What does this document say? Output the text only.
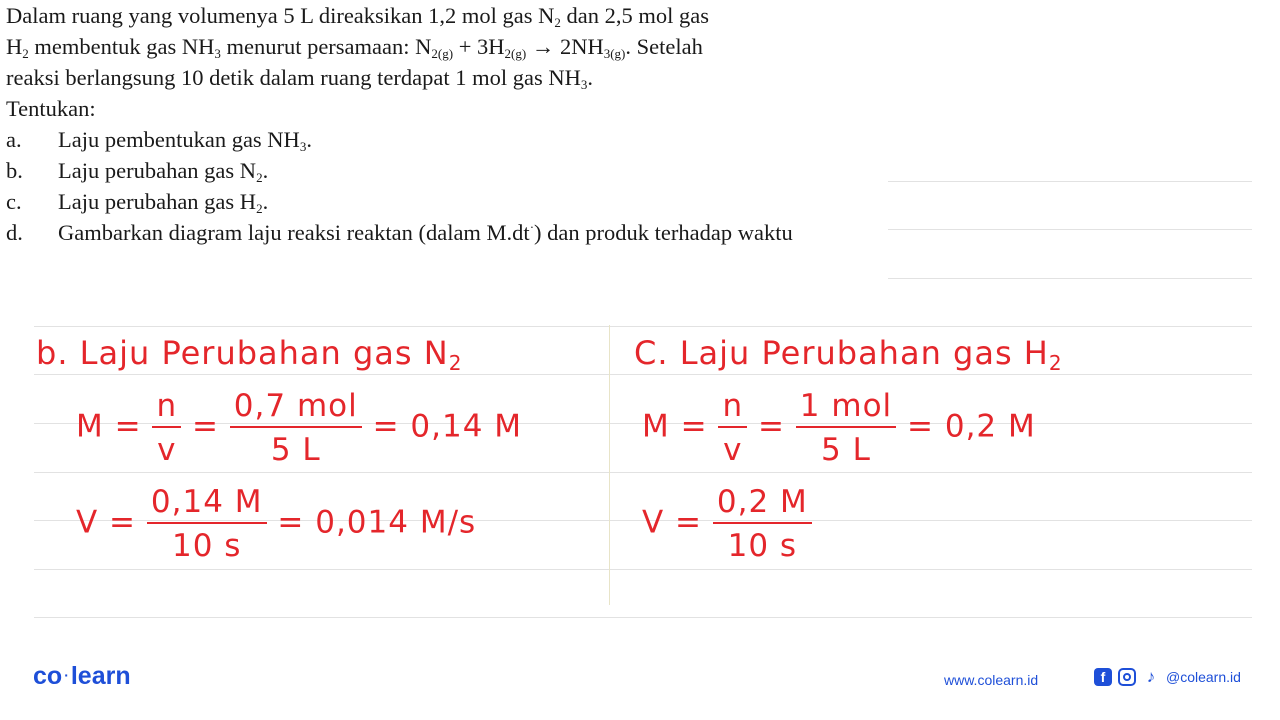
Dalam ruang yang volumenya 5 L direaksikan 1,2 mol gas $N_2$ dan 2,5 mol gas
$H_2$ membentuk gas $NH_3$ menurut persamaan: $N_{2(g)} + 3H_{2(g)} \to 2NH_{3(g)}$. Setelah
reaksi berlangsung 10 detik dalam ruang terdapat 1 mol gas $NH_3$.
Tentukan:
a.	Laju pembentukan gas $NH_3$.
b.	Laju perubahan gas $N_2$.
c.	Laju perubahan gas $H_2$.
d.	Gambarkan diagram laju reaksi reaktan (dalam M.dt·) dan produk terhadap waktu
b. Laju Perubahan gas $N_2$
$M = \frac{n}{v} = \frac{\text{0,7 mol}}{5 L} = 0,14$ M
$V = \frac{0,14 M}{10 s} = 0,014$ M/s
C. Laju Perubahan gas $H_2$
$M = \frac{n}{v} = \frac{\text{1 mol}}{5 L} = 0,2$ M
$V = \frac{0,2 M}{10 s}$
co ·learn	www.colearn.id	f	♪ @colearn.id
